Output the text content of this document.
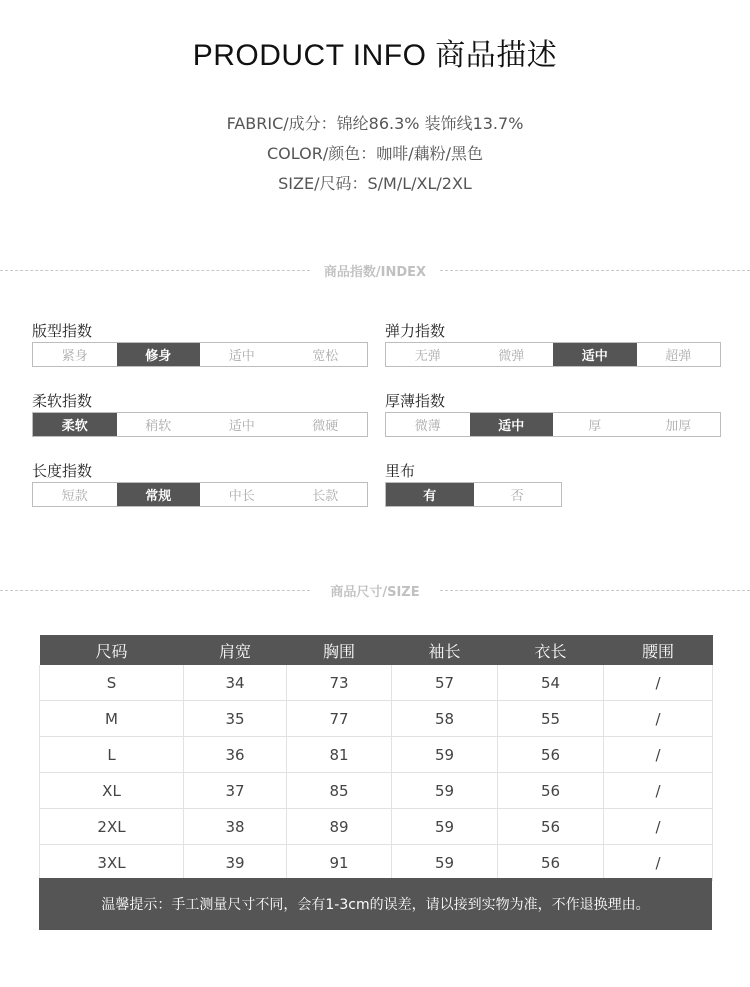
PRODUCT INFO 商品描述
FABRIC/成分：锦纶86.3% 装饰线13.7%
COLOR/颜色：咖啡/藕粉/黑色
SIZE/尺码：S/M/L/XL/2XL
商品指数/INDEX
版型指数
紧身	修身	适中	宽松
弹力指数
无弹	微弹	适中	超弹
柔软指数
柔软	稍软	适中	微硬
厚薄指数
微薄	适中	厚	加厚
长度指数
短款	常规	中长	长款
里布
有	否
商品尺寸/SIZE
尺码	肩宽	胸围	袖长	衣长	腰围
S	34	73	57	54	/
M	35	77	58	55	/
L	36	81	59	56	/
XL	37	85	59	56	/
2XL	38	89	59	56	/
3XL	39	91	59	56	/
温馨提示：手工测量尺寸不同，会有1-3cm的误差，请以接到实物为准，不作退换理由。
